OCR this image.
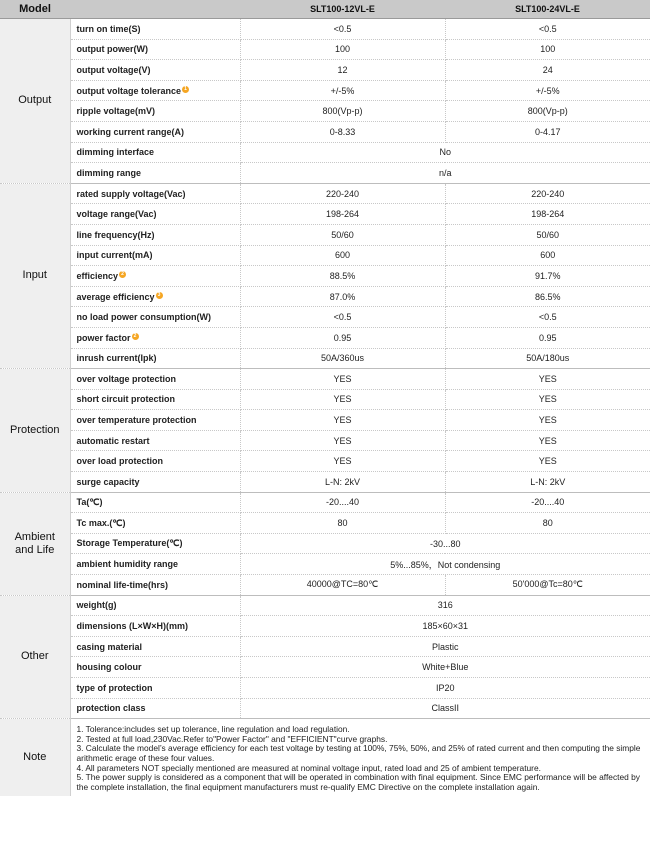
Model		SLT100-12VL-E	SLT100-24VL-E
Output	turn on time(S)	<0.5	<0.5
	output power(W)	100	100
	output voltage(V)	12	24
	output voltage tolerance $^1$	+/-5%	+/-5%
	ripple voltage(mV)	800(Vp-p)	800(Vp-p)
	working current range(A)	0-8.33	0-4.17
	dimming interface	No	
	dimming range	n/a	
Input	rated supply voltage(Vac)	220-240	220-240
	voltage range(Vac)	198-264	198-264
	line frequency(Hz)	50/60	50/60
	input current(mA)	600	600
	efficiency $^2$	88.5%	91.7%
	average efficiency $^3$	87.0%	86.5%
	no load power consumption(W)	<0.5	<0.5
	power factor $^2$	0.95	0.95
	inrush current(Ipk)	50A/360us	50A/180us
Protection	over voltage protection	YES	YES
	short circuit protection	YES	YES
	over temperature protection	YES	YES
	automatic restart	YES	YES
	over load protection	YES	YES
	surge capacity	L-N: 2kV	L-N: 2kV
Ambient and Life	Ta(℃)	-20....40	-20....40
	Tc max.(℃)	80	80
	Storage Temperature(℃)	-30...80	
	ambient humidity range	5%...85%，Not condensing	
	nominal life-time(hrs)	40000@TC=80℃	50'000@Tc=80℃
Other	weight(g)	316	
	dimensions (L×W×H)(mm)	185×60×31	
	casing material	Plastic	
	housing colour	White+Blue	
	type of protection	IP20	
	protection class	ClassII	
Note	1. Tolerance:includes set up tolerance, line regulation and load regulation.
2. Tested at full load,230Vac.Refer to"Power Factor" and "EFFICIENT"curve graphs.
3. Calculate the model’s average efficiency for each test voltage by testing at 100%, 75%, 50%, and 25% of rated current and then computing the simple arithmetic erage of these four values.
4. All parameters NOT specially mentioned are measured at nominal voltage input, rated load and 25 of ambient temperature.
5. The power supply is considered as a component that will be operated in combination with final equipment. Since EMC performance will be affected by the complete installation, the final equipment manufacturers must re-qualify EMC Directive on the complete installation again.		
